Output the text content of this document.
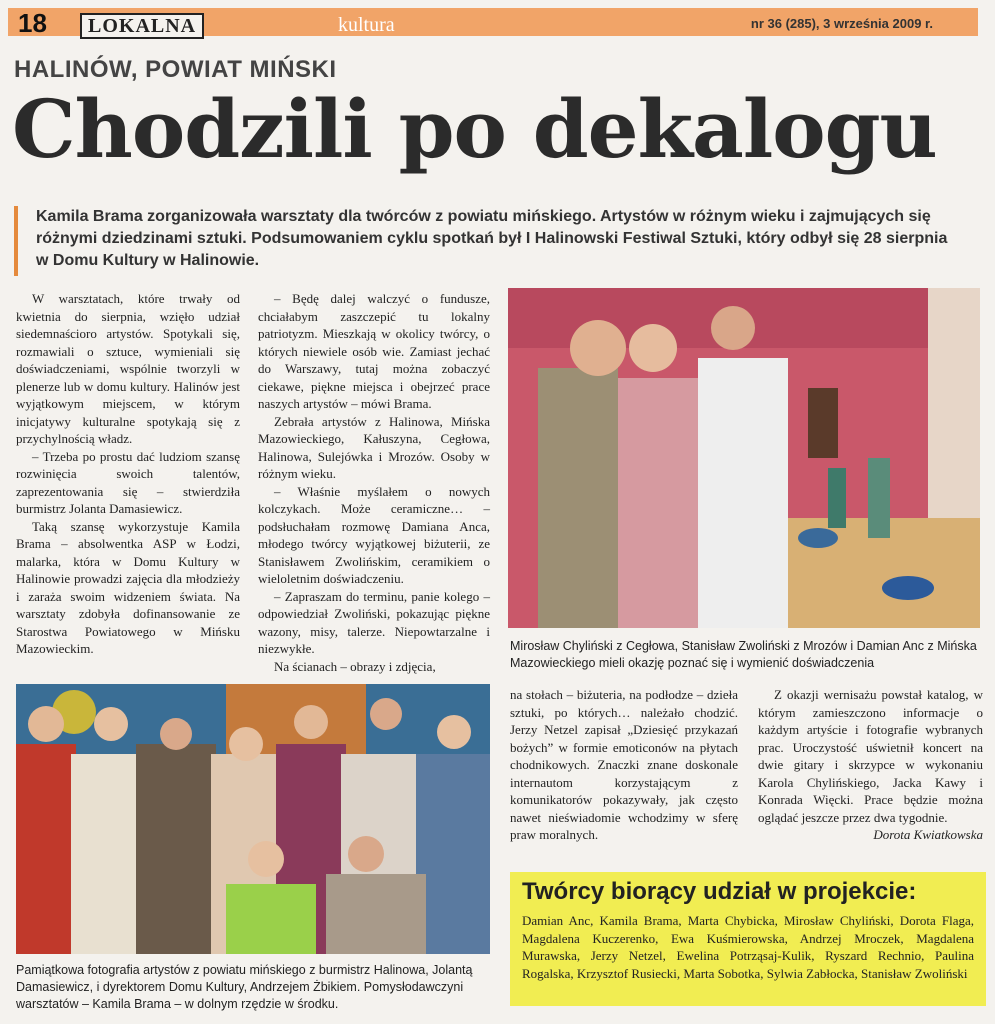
18	LOKALNA	kultura	nr 36 (285), 3 września 2009 r.
HALINÓW, POWIAT MIŃSKI
Chodzili po dekalogu
Kamila Brama zorganizowała warsztaty dla twórców z powiatu mińskiego. Artystów w różnym wieku i zajmujących się różnymi dziedzinami sztuki. Podsumowaniem cyklu spotkań był I Halinowski Festiwal Sztuki, który odbył się 28 sierpnia w Domu Kultury w Halinowie.

W warsztatach, które trwały od kwietnia do sierpnia, wzięło udział siedemnaścioro artystów. Spotykali się, rozmawiali o sztuce, wymieniali się doświadczeniami, wspólnie tworzyli w plenerze lub w domu kultury. Halinów jest wyjątkowym miejscem, w którym inicjatywy kulturalne spotykają się z przychylnością władz.

– Trzeba po prostu dać ludziom szansę rozwinięcia swoich talentów, zaprezentowania się – stwierdziła burmistrz Jolanta Damasiewicz.

Taką szansę wykorzystuje Kamila Brama – absolwentka ASP w Łodzi, malarka, która w Domu Kultury w Halinowie prowadzi zajęcia dla młodzieży i zaraża swoim widzeniem świata. Na warsztaty zdobyła dofinansowanie ze Starostwa Powiatowego w Mińsku Mazowieckim.

– Będę dalej walczyć o fundusze, chciałabym zaszczepić tu lokalny patriotyzm. Mieszkają w okolicy twórcy, o których niewiele osób wie. Zamiast jechać do Warszawy, tutaj można zobaczyć ciekawe, piękne miejsca i obejrzeć prace naszych artystów – mówi Brama.

Zebrała artystów z Halinowa, Mińska Mazowieckiego, Kałuszyna, Cegłowa, Halinowa, Sulejówka i Mrozów. Osoby w różnym wieku.

– Właśnie myślałem o nowych kolczykach. Może ceramiczne… – podsłuchałam rozmowę Damiana Anca, młodego twórcy wyjątkowej biżuterii, ze Stanisławem Zwolińskim, ceramikiem o wieloletnim doświadczeniu.

– Zapraszam do terminu, panie kolego – odpowiedział Zwoliński, pokazując piękne wazony, misy, talerze. Niepowtarzalne i niezwykłe.

Na ścianach – obrazy i zdjęcia,

Mirosław Chyliński z Cegłowa, Stanisław Zwoliński z Mrozów i Damian Anc z Mińska Mazowieckiego mieli okazję poznać się i wymienić doświadczenia
Pamiątkowa fotografia artystów z powiatu mińskiego z burmistrz Halinowa, Jolantą Damasiewicz, i dyrektorem Domu Kultury, Andrzejem Żbikiem. Pomysłodawczyni warsztatów – Kamila Brama – w dolnym rzędzie w środku.

na stołach – biżuteria, na podłodze – dzieła sztuki, po których… należało chodzić. Jerzy Netzel zapisał „Dziesięć przykazań bożych” w formie emoticonów na płytach chodnikowych. Znaczki znane doskonale internautom korzystającym z komunikatorów pokazywały, jak często nawet nieświadomie wchodzimy w sferę praw moralnych.

Z okazji wernisażu powstał katalog, w którym zamieszczono informacje o każdym artyście i fotografie wybranych prac. Uroczystość uświetnił koncert na dwie gitary i skrzypce w wykonaniu Karola Chylińskiego, Jacka Kawy i Konrada Więcki. Prace będzie można oglądać jeszcze przez dwa tygodnie.

Dorota Kwiatkowska
Twórcy biorący udział w projekcie:
Damian Anc, Kamila Brama, Marta Chybicka, Mirosław Chyliński, Dorota Flaga, Magdalena Kuczerenko, Ewa Kuśmierowska, Andrzej Mroczek, Magdalena Murawska, Jerzy Netzel, Ewelina Potrząsaj-Kulik, Ryszard Rechnio, Paulina Rogalska, Krzysztof Rusiecki, Marta Sobotka, Sylwia Zabłocka, Stanisław Zwoliński
